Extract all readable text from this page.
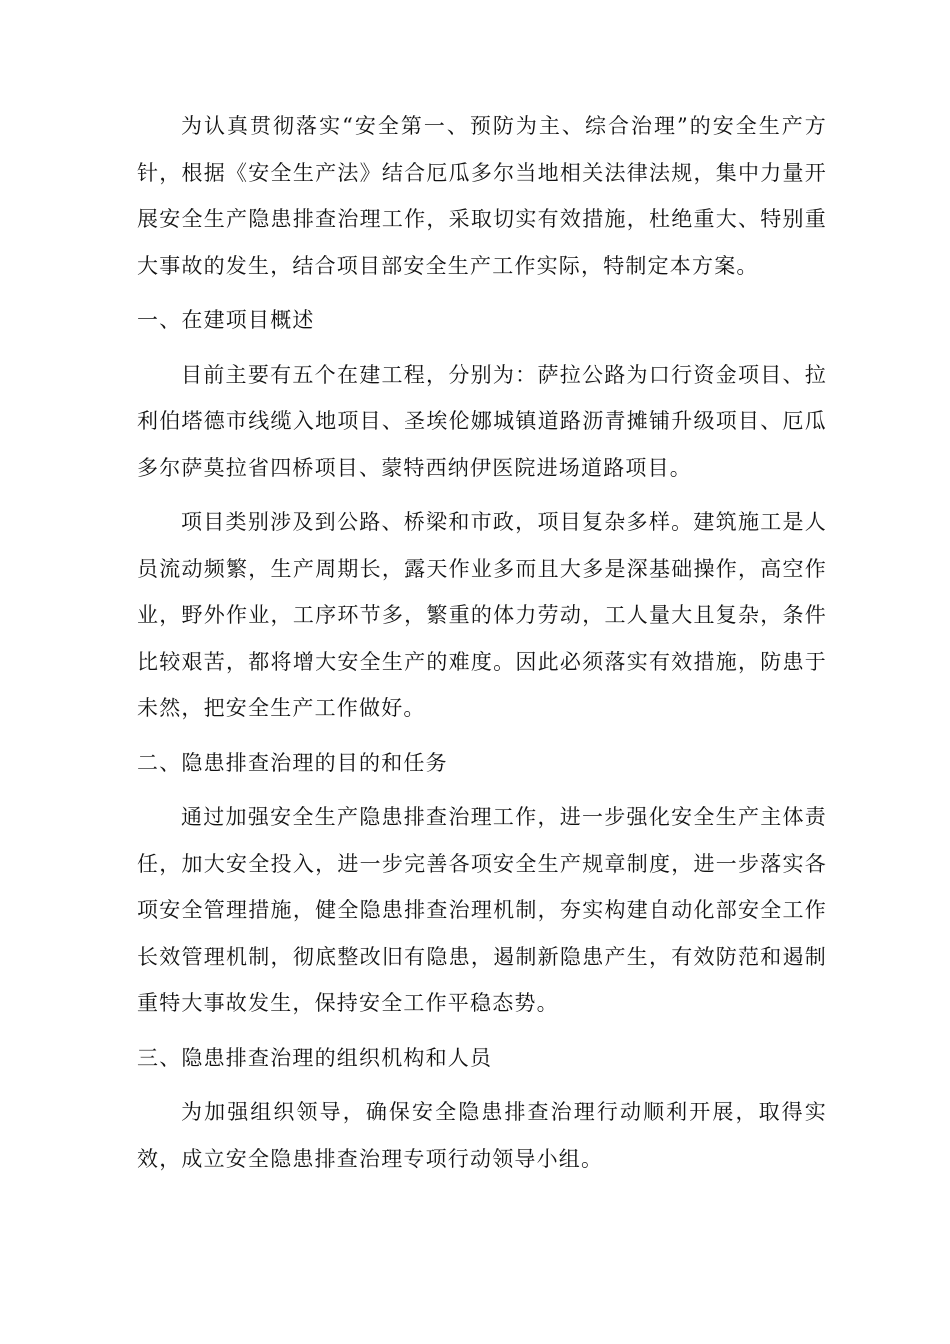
为认真贯彻落实“安全第一、预防为主、综合治理”的安全生产方针，根据《安全生产法》结合厄瓜多尔当地相关法律法规，集中力量开展安全生产隐患排查治理工作，采取切实有效措施，杜绝重大、特别重大事故的发生，结合项目部安全生产工作实际，特制定本方案。

一、在建项目概述

目前主要有五个在建工程，分别为：萨拉公路为口行资金项目、拉利伯塔德市线缆入地项目、圣埃伦娜城镇道路沥青摊铺升级项目、厄瓜多尔萨莫拉省四桥项目、蒙特西纳伊医院进场道路项目。

项目类别涉及到公路、桥梁和市政，项目复杂多样。建筑施工是人员流动频繁，生产周期长，露天作业多而且大多是深基础操作，高空作业，野外作业，工序环节多，繁重的体力劳动，工人量大且复杂，条件比较艰苦，都将增大安全生产的难度。因此必须落实有效措施，防患于未然，把安全生产工作做好。

二、隐患排查治理的目的和任务

通过加强安全生产隐患排查治理工作，进一步强化安全生产主体责任，加大安全投入，进一步完善各项安全生产规章制度，进一步落实各项安全管理措施，健全隐患排查治理机制，夯实构建自动化部安全工作长效管理机制，彻底整改旧有隐患，遏制新隐患产生，有效防范和遏制重特大事故发生，保持安全工作平稳态势。

三、隐患排查治理的组织机构和人员

为加强组织领导，确保安全隐患排查治理行动顺利开展，取得实效，成立安全隐患排查治理专项行动领导小组。
